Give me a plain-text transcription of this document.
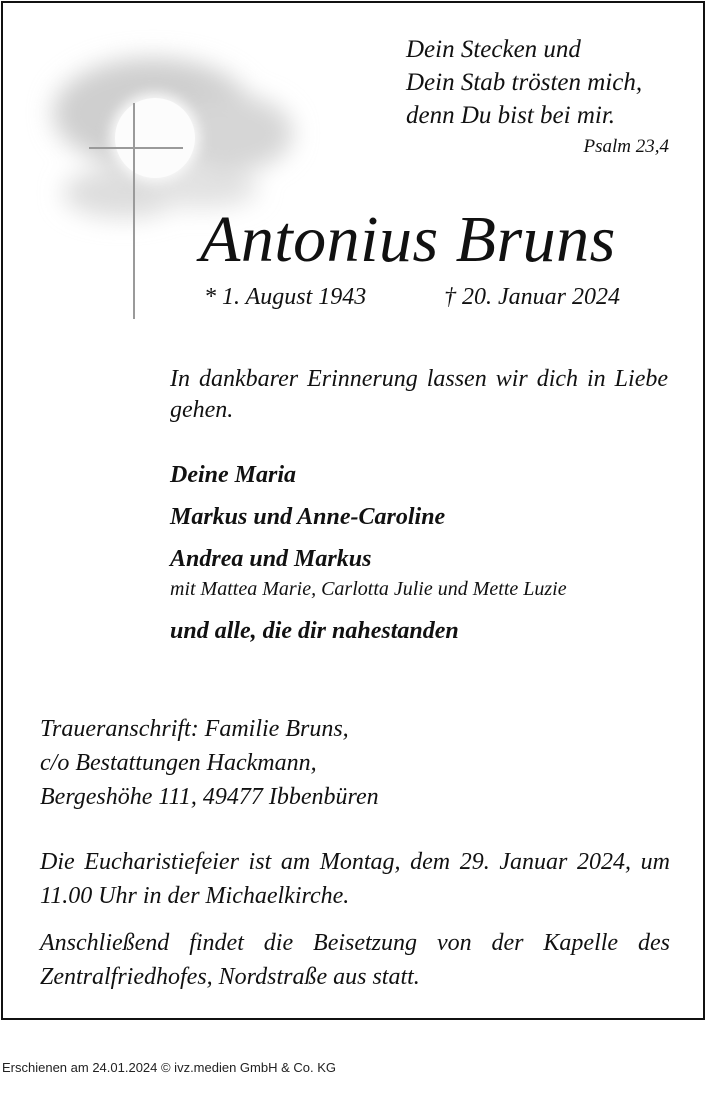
Dein Stecken und
Dein Stab trösten mich,
denn Du bist bei mir.
Psalm 23,4
Antonius Bruns
* 1. August 1943	† 20. Januar 2024
In dankbarer Erinnerung lassen wir dich in Liebe gehen.
Deine Maria
Markus und Anne-Caroline
Andrea und Markus
mit Mattea Marie, Carlotta Julie und Mette Luzie
und alle, die dir nahestanden
Traueranschrift: Familie Bruns,
c/o Bestattungen Hackmann,
Bergeshöhe 111, 49477 Ibbenbüren
Die Eucharistiefeier ist am Montag, dem 29. Januar 2024, um 11.00 Uhr in der Michaelkirche.
Anschließend findet die Beisetzung von der Kapelle des Zentralfriedhofes, Nordstraße aus statt.
Erschienen am 24.01.2024 © ivz.medien GmbH & Co. KG
